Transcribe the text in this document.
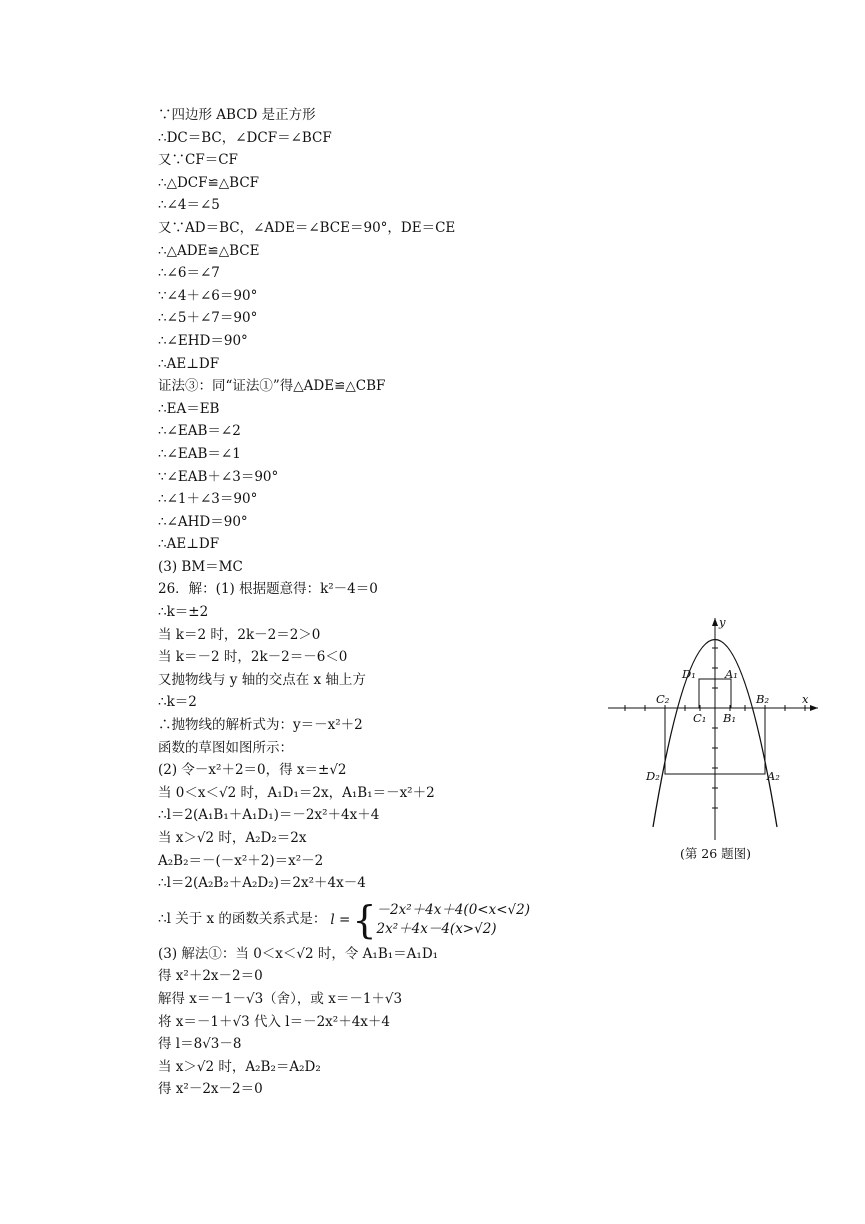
∵四边形 ABCD 是正方形
∴DC＝BC，∠DCF＝∠BCF
又∵CF＝CF
∴△DCF≌△BCF
∴∠4＝∠5
又∵AD＝BC，∠ADE＝∠BCE＝90°，DE＝CE
∴△ADE≌△BCE
∴∠6＝∠7
∵∠4＋∠6＝90°
∴∠5＋∠7＝90°
∴∠EHD＝90°
∴AE⊥DF
证法③：同“证法①”得△ADE≌△CBF
∴EA＝EB
∴∠EAB＝∠2
∴∠EAB＝∠1
∵∠EAB＋∠3＝90°
∴∠1＋∠3＝90°
∴∠AHD＝90°
∴AE⊥DF
(3) BM＝MC
26．解：(1) 根据题意得：k²－4＝0
∴k＝±2
当 k＝2 时，2k－2＝2＞0
当 k＝－2 时，2k－2＝－6＜0
又抛物线与 y 轴的交点在 x 轴上方
∴k＝2
∴抛物线的解析式为：y＝－x²＋2
函数的草图如图所示：
(2) 令－x²＋2＝0，得 x＝±√2
当 0＜x＜√2 时，A₁D₁＝2x，A₁B₁＝－x²＋2
∴l＝2(A₁B₁＋A₁D₁)＝－2x²＋4x＋4
当 x＞√2 时，A₂D₂＝2x
A₂B₂＝－(－x²＋2)＝x²－2
∴l＝2(A₂B₂＋A₂D₂)＝2x²＋4x－4
∴l 关于 x 的函数关系式是： l ={ －2x²＋4x＋4(0<x<√2)
2x²＋4x－4(x>√2)
(3) 解法①：当 0＜x＜√2 时，令 A₁B₁＝A₁D₁
得 x²＋2x－2＝0
解得 x＝－1－√3（舍），或 x＝－1＋√3
将 x＝－1＋√3 代入 l＝－2x²＋4x＋4
得 l＝8√3－8
当 x＞√2 时，A₂B₂＝A₂D₂
得 x²－2x－2＝0
y
x
D₁	A₁
C₁ B₁
C₂	B₂
D₂	A₂
(第 26 题图)
